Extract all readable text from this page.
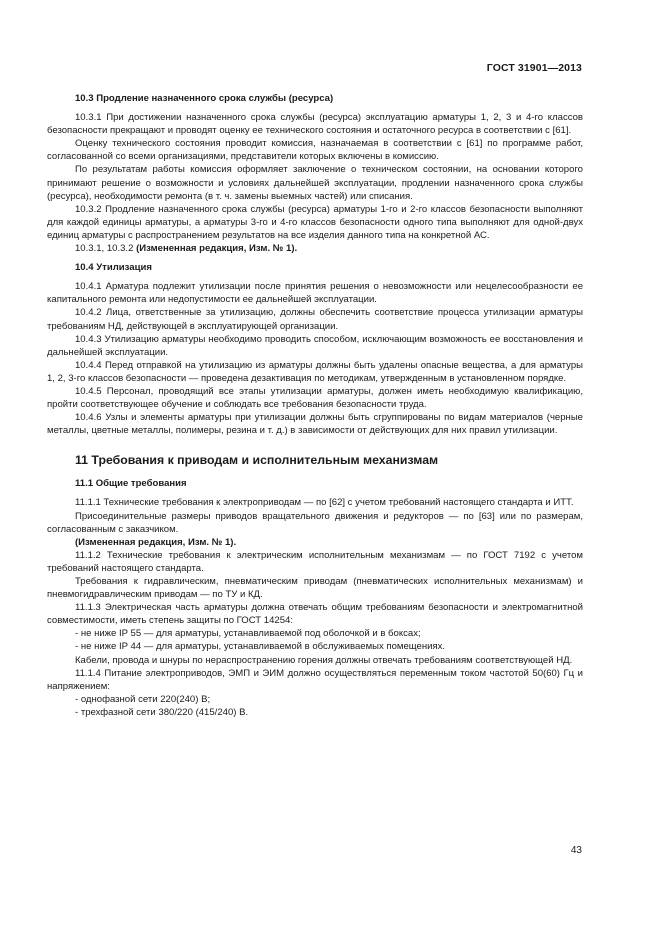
ГОСТ 31901—2013

10.3 Продление назначенного срока службы (ресурса)

10.3.1 При достижении назначенного срока службы (ресурса) эксплуатацию арматуры 1, 2, 3 и 4-го классов безопасности прекращают и проводят оценку ее технического состояния и остаточного ресурса в соответствии с [61].

Оценку технического состояния проводит комиссия, назначаемая в соответствии с [61] по программе работ, согласованной со всеми организациями, представители которых включены в комиссию.

По результатам работы комиссия оформляет заключение о техническом состоянии, на основании которого принимают решение о возможности и условиях дальнейшей эксплуатации, продлении назначенного срока службы (ресурса), необходимости ремонта (в т. ч. замены выемных частей) или списания.

10.3.2 Продление назначенного срока службы (ресурса) арматуры 1-го и 2-го классов безопасности выполняют для каждой единицы арматуры, а арматуры 3-го и 4-го классов безопасности одного типа выполняют для одной-двух единиц арматуры с распространением результатов на все изделия данного типа на конкретной АС.

10.3.1, 10.3.2 (Измененная редакция, Изм. № 1).

10.4 Утилизация

10.4.1 Арматура подлежит утилизации после принятия решения о невозможности или нецелесообразности ее капитального ремонта или недопустимости ее дальнейшей эксплуатации.

10.4.2 Лица, ответственные за утилизацию, должны обеспечить соответствие процесса утилизации арматуры требованиям НД, действующей в эксплуатирующей организации.

10.4.3 Утилизацию арматуры необходимо проводить способом, исключающим возможность ее восстановления и дальнейшей эксплуатации.

10.4.4 Перед отправкой на утилизацию из арматуры должны быть удалены опасные вещества, а для арматуры 1, 2, 3-го классов безопасности — проведена дезактивация по методикам, утвержденным в установленном порядке.

10.4.5 Персонал, проводящий все этапы утилизации арматуры, должен иметь необходимую квалификацию, пройти соответствующее обучение и соблюдать все требования безопасности труда.

10.4.6 Узлы и элементы арматуры при утилизации должны быть сгруппированы по видам материалов (черные металлы, цветные металлы, полимеры, резина и т. д.) в зависимости от действующих для них правил утилизации.

11 Требования к приводам и исполнительным механизмам

11.1 Общие требования

11.1.1 Технические требования к электроприводам — по [62] с учетом требований настоящего стандарта и ИТТ.

Присоединительные размеры приводов вращательного движения и редукторов — по [63] или по размерам, согласованным с заказчиком.

(Измененная редакция, Изм. № 1).

11.1.2 Технические требования к электрическим исполнительным механизмам — по ГОСТ 7192 с учетом требований настоящего стандарта.

Требования к гидравлическим, пневматическим приводам (пневматических исполнительных механизмам) и пневмогидравлическим приводам — по ТУ и КД.

11.1.3 Электрическая часть арматуры должна отвечать общим требованиям безопасности и электромагнитной совместимости, иметь степень защиты по ГОСТ 14254:

- не ниже IP 55 — для арматуры, устанавливаемой под оболочкой и в боксах;

- не ниже IP 44 — для арматуры, устанавливаемой в обслуживаемых помещениях.

Кабели, провода и шнуры по нераспространению горения должны отвечать требованиям соответствующей НД.

11.1.4 Питание электроприводов, ЭМП и ЭИМ должно осуществляться переменным током частотой 50(60) Гц и напряжением:

- однофазной сети 220(240) В;

- трехфазной сети 380/220 (415/240) В.

43
